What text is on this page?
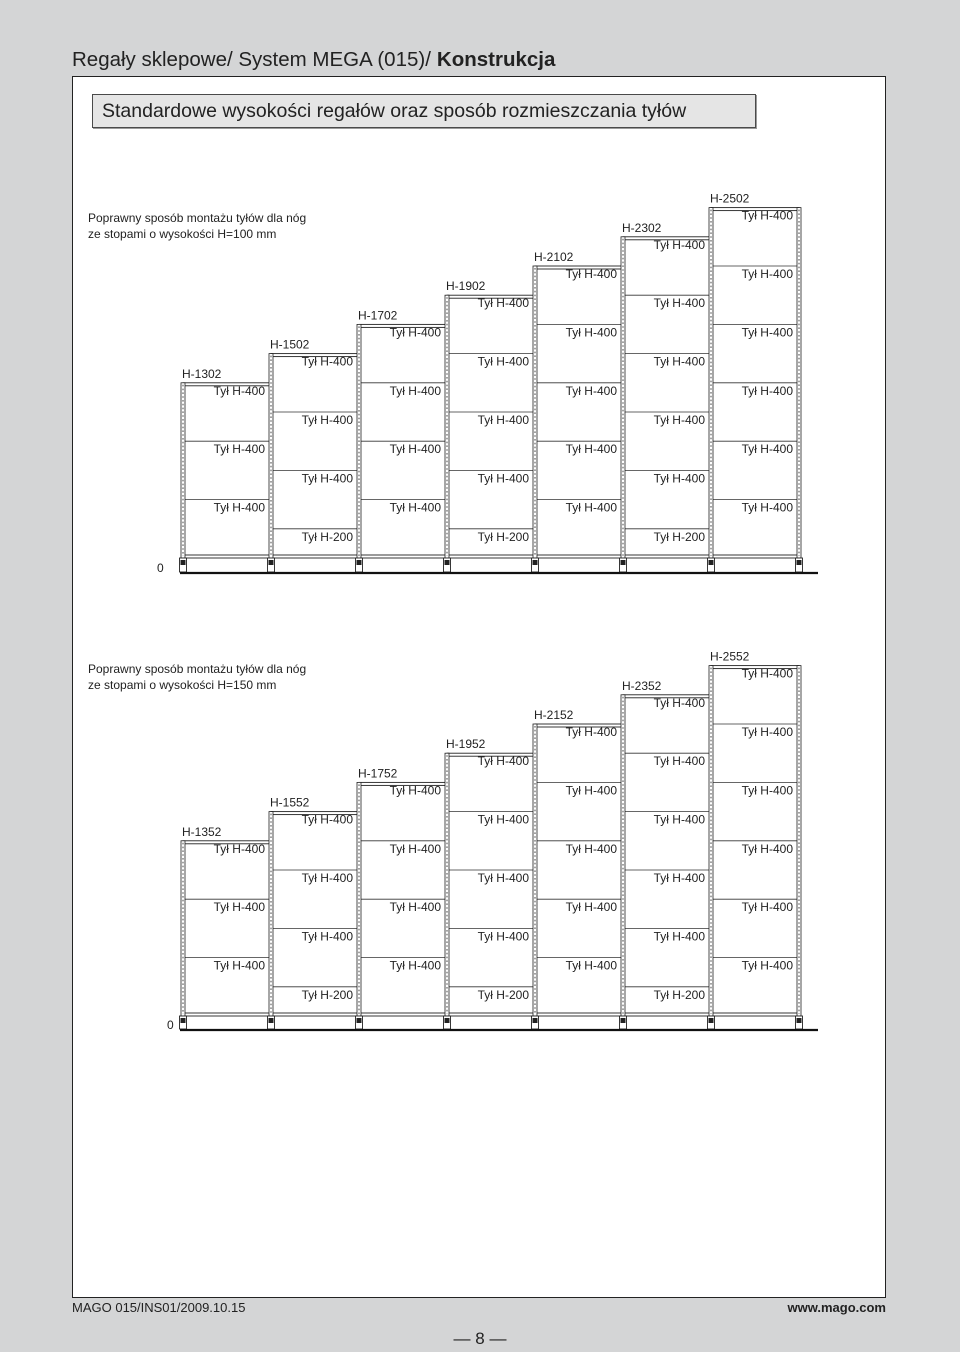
Regały sklepowe/ System MEGA (015)/ Konstrukcja
Standardowe wysokości regałów oraz sposób rozmieszczania tyłów
Poprawny sposób montażu tyłów dla nóg
ze stopami o wysokości H=100 mm
Poprawny sposób montażu tyłów dla nóg
ze stopami o wysokości H=150 mm
0
H-1302
Tył H-400
Tył H-400
Tył H-400
H-1502
Tył H-200
Tył H-400
Tył H-400
Tył H-400
H-1702
Tył H-400
Tył H-400
Tył H-400
Tył H-400
H-1902
Tył H-200
Tył H-400
Tył H-400
Tył H-400
Tył H-400
H-2102
Tył H-400
Tył H-400
Tył H-400
Tył H-400
Tył H-400
H-2302
Tył H-200
Tył H-400
Tył H-400
Tył H-400
Tył H-400
Tył H-400
H-2502
Tył H-400
Tył H-400
Tył H-400
Tył H-400
Tył H-400
Tył H-400
0
H-1352
Tył H-400
Tył H-400
Tył H-400
H-1552
Tył H-200
Tył H-400
Tył H-400
Tył H-400
H-1752
Tył H-400
Tył H-400
Tył H-400
Tył H-400
H-1952
Tył H-200
Tył H-400
Tył H-400
Tył H-400
Tył H-400
H-2152
Tył H-400
Tył H-400
Tył H-400
Tył H-400
Tył H-400
H-2352
Tył H-200
Tył H-400
Tył H-400
Tył H-400
Tył H-400
Tył H-400
H-2552
Tył H-400
Tył H-400
Tył H-400
Tył H-400
Tył H-400
Tył H-400
MAGO 015/INS01/2009.10.15	www.mago.com
— 8 —
